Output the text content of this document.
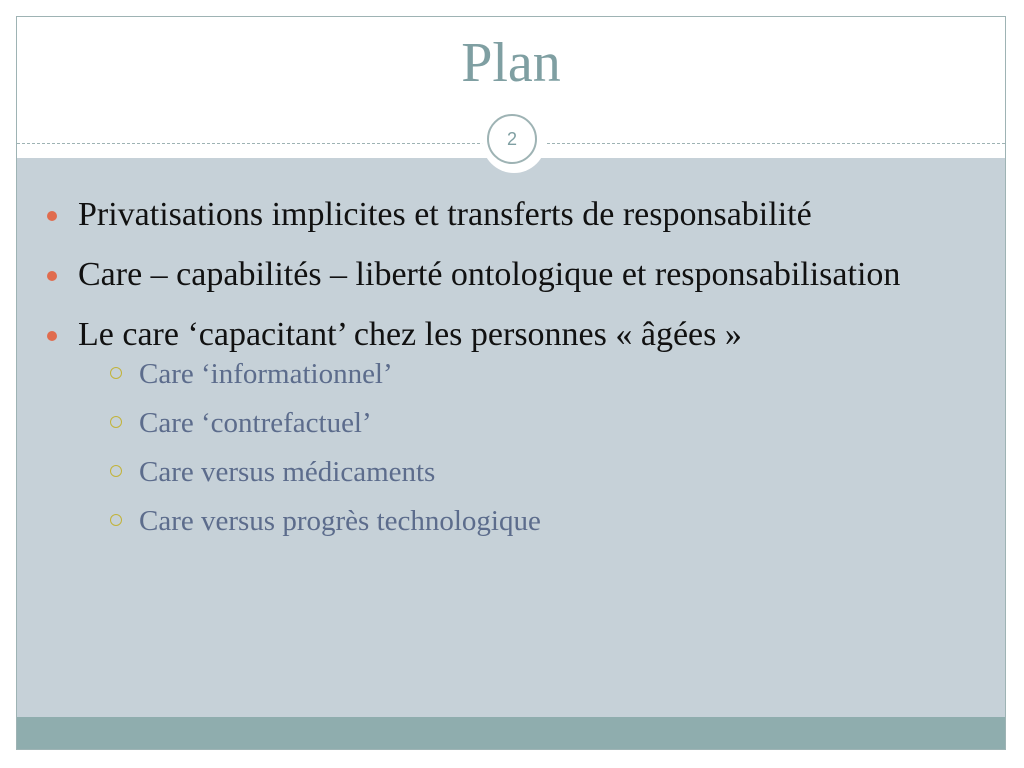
Plan
2
Privatisations implicites et transferts de responsabilité
Care – capabilités – liberté ontologique et responsabilisation
Le care ‘capacitant’ chez les personnes « âgées »
Care ‘informationnel’
Care ‘contrefactuel’
Care versus médicaments
Care versus progrès technologique
